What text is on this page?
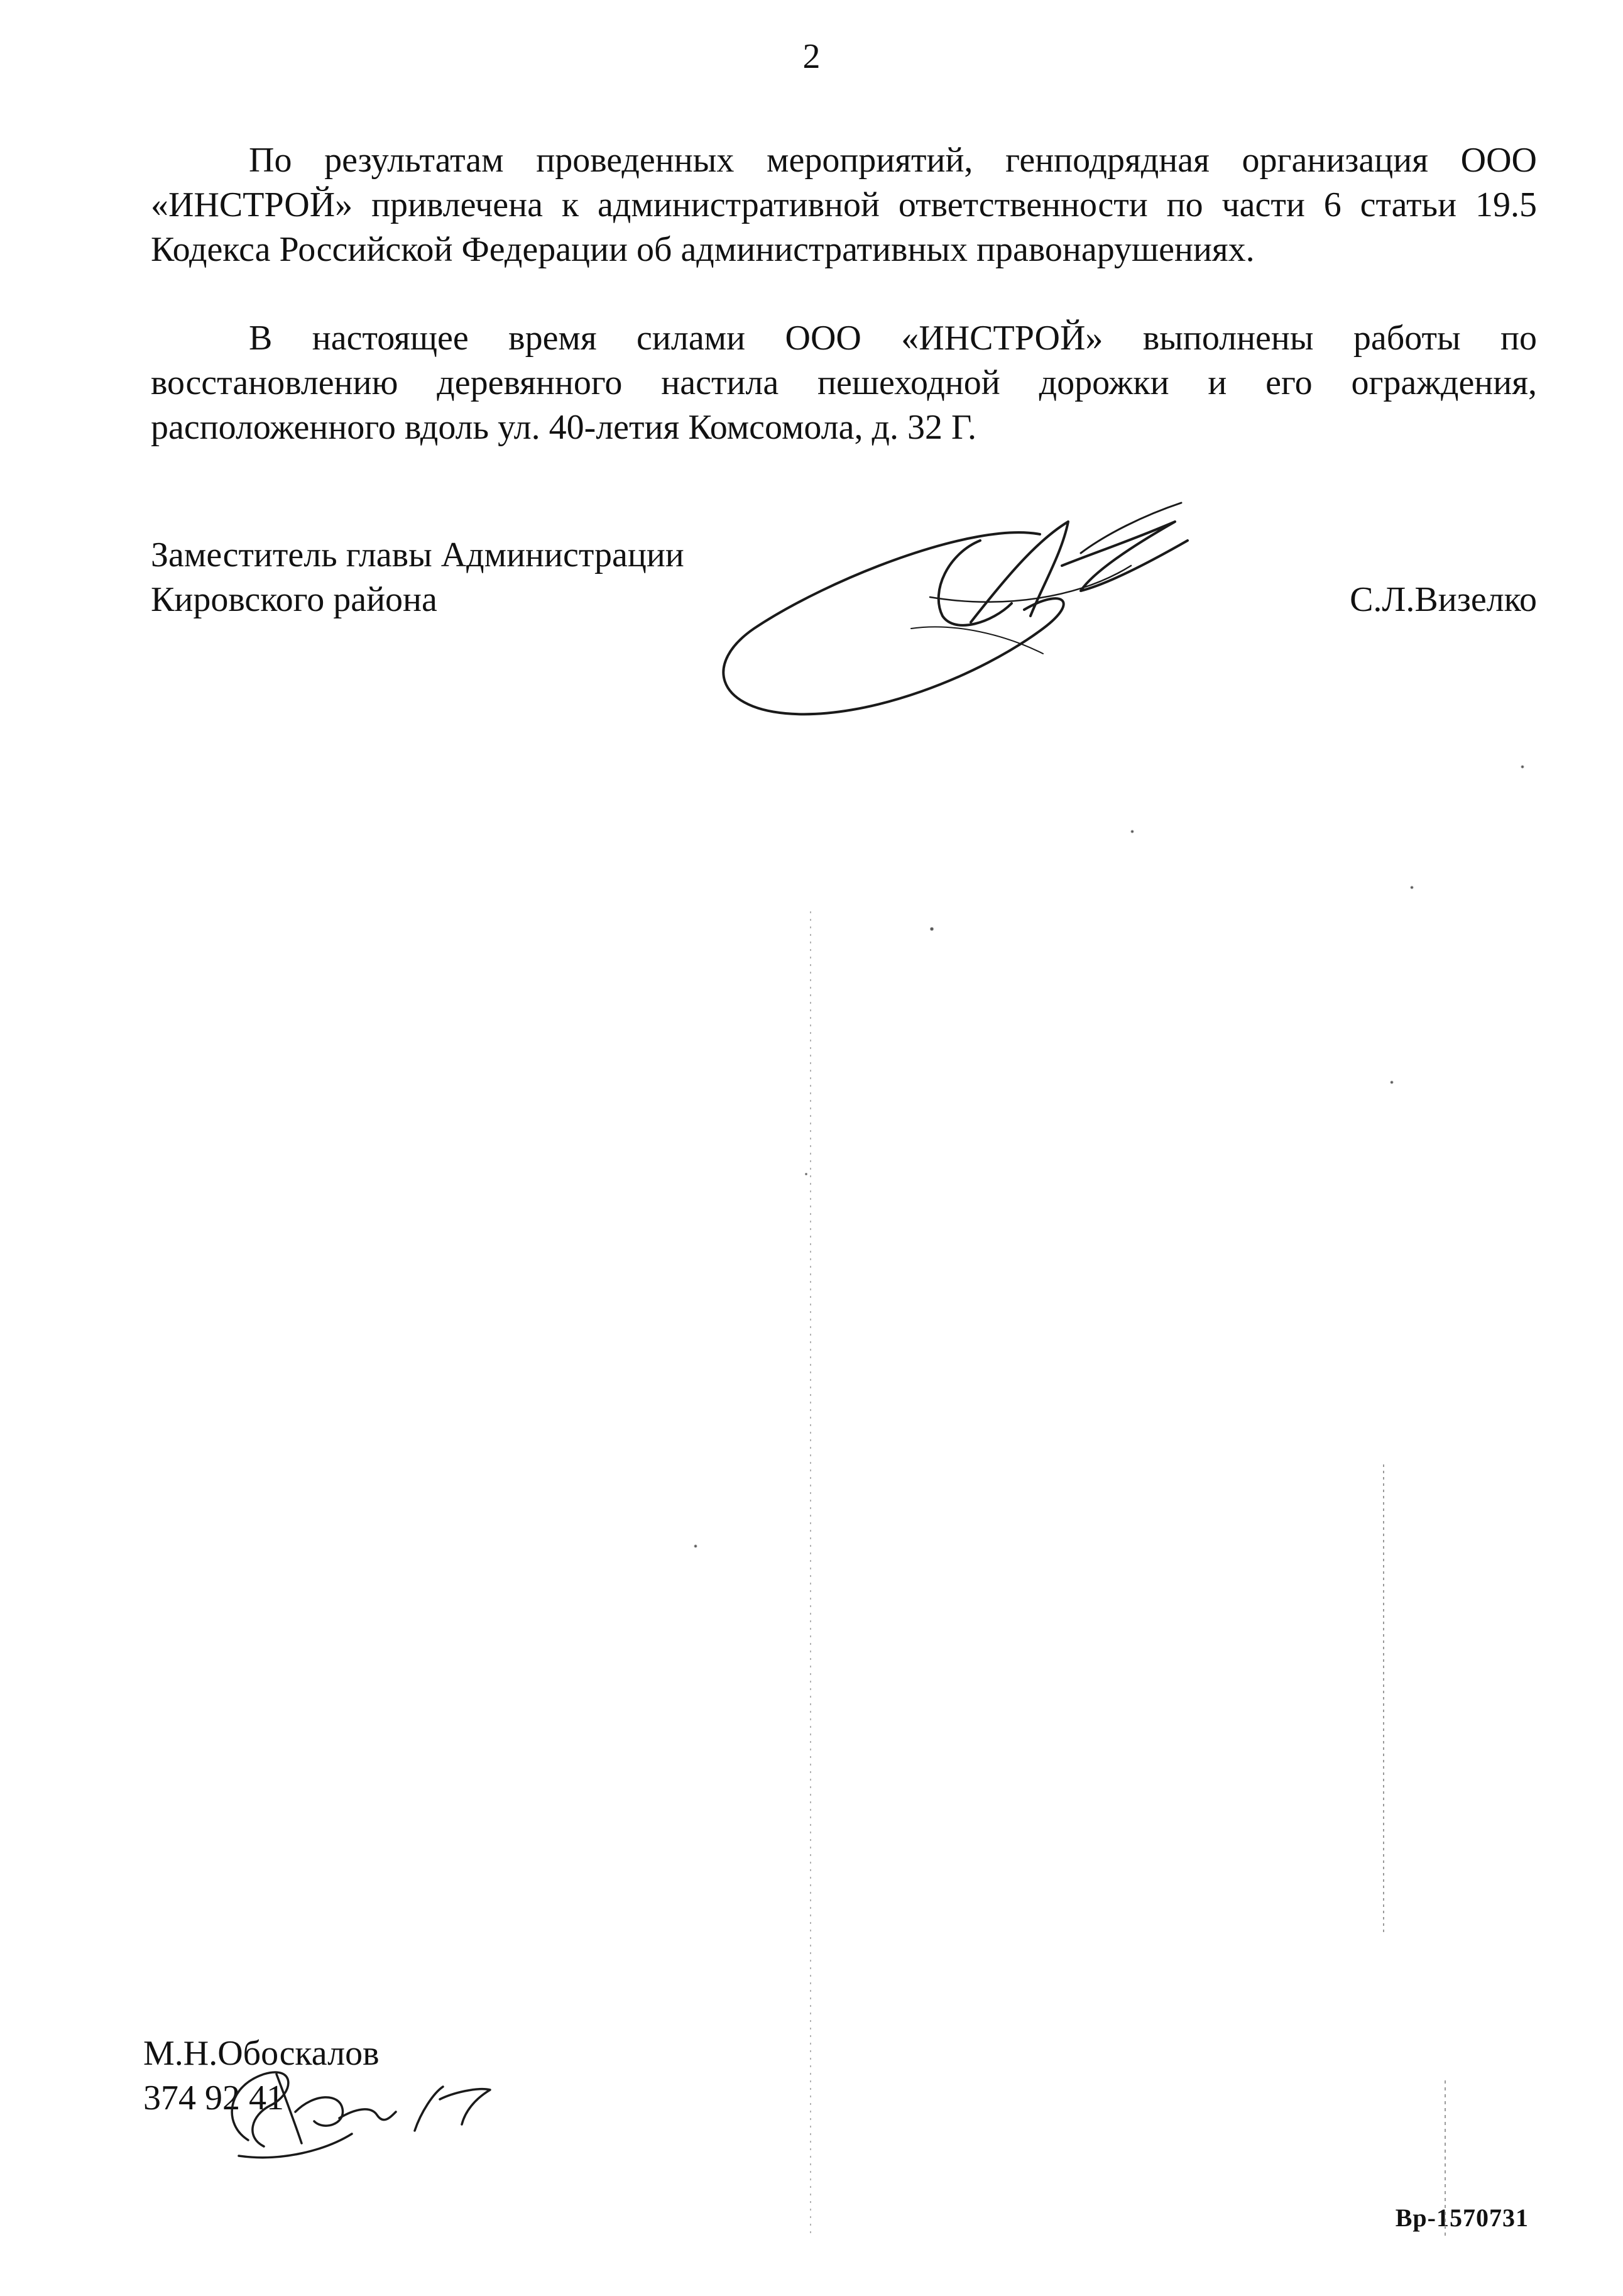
2

По результатам проведенных мероприятий, генподрядная организация ООО «ИНСТРОЙ» привлечена к административной ответственности по части 6 статьи 19.5 Кодекса Российской Федерации об административных правонарушениях.

В настоящее время силами ООО «ИНСТРОЙ» выполнены работы по восстановлению деревянного настила пешеходной дорожки и его ограждения, расположенного вдоль ул. 40-летия Комсомола, д. 32 Г.

Заместитель главы Администрации
Кировского района	С.Л.Визелко
М.Н.Обоскалов
374 92 41
Вр-1570731
